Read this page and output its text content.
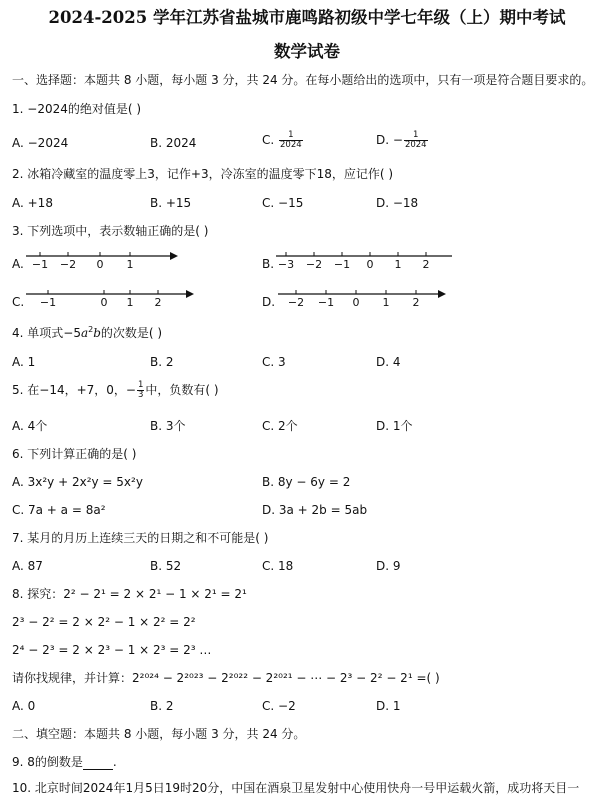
2024-2025 学年江苏省盐城市鹿鸣路初级中学七年级（上）期中考试
数学试卷
一、选择题：本题共 8 小题，每小题 3 分，共 24 分。在每小题给出的选项中，只有一项是符合题目要求的。
1. −2024的绝对值是( )
A. −2024	B. 2024	C. $\frac{1}{2024}$	D. − $\frac{1}{2024}$
2. 冰箱冷藏室的温度零上3，记作+3，冷冻室的温度零下18，应记作( )
A. +18	B. +15	C. −15	D. −18
3. 下列选项中，表示数轴正确的是( )
A. −1 −2 0 1	B. −3 −2 −1 0 1 2
C. −1	0 1 2	D. −2 −1 0 1 2
4. 单项式$-5a^2b$的次数是( )
A. 1	B. 2	C. 3	D. 4
5. 在−14，+7，0，− $\frac{1}{3}$ 中，负数有( )
A. 4个	B. 3个	C. 2个	D. 1个
6. 下列计算正确的是( )
A. 3x²y + 2x²y = 5x²y	B. 8y − 6y = 2
C. 7a + a = 8a²	D. 3a + 2b = 5ab
7. 某月的月历上连续三天的日期之和不可能是( )
A. 87	B. 52	C. 18	D. 9
8. 探究：2² − 2¹ = 2 × 2¹ − 1 × 2¹ = 2¹
2³ − 2² = 2 × 2² − 1 × 2² = 2²
2⁴ − 2³ = 2 × 2³ − 1 × 2³ = 2³ …
请你找规律，并计算：2²⁰²⁴ − 2²⁰²³ − 2²⁰²² − 2²⁰²¹ − ⋯ − 2³ − 2² − 2¹ =( )
A. 0	B. 2	C. −2	D. 1
二、填空题：本题共 8 小题，每小题 3 分，共 24 分。
9. 8的倒数是	.
10. 北京时间2024年1月5日19时20分，中国在酒泉卫星发射中心使用快舟一号甲运载火箭，成功将天目一
